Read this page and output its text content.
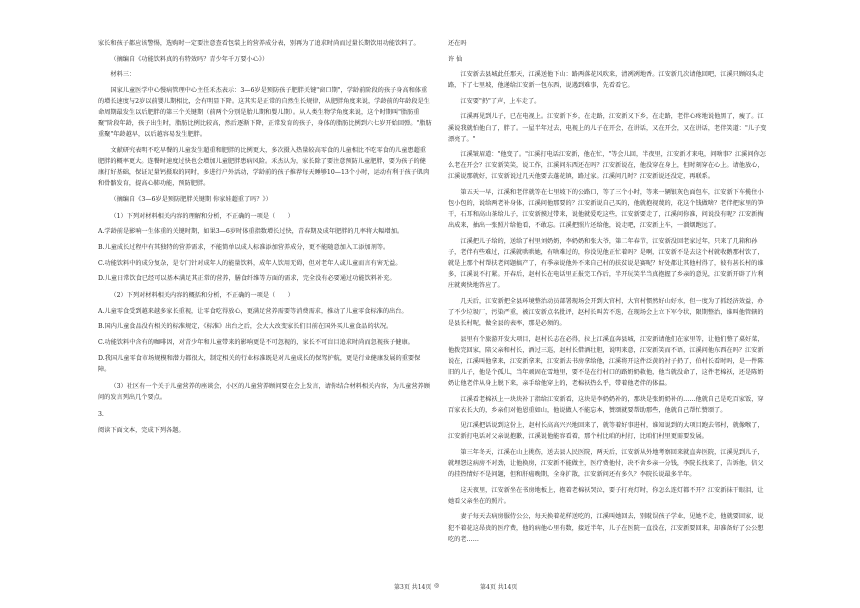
家长和孩子都应该警惕，选购时一定要注意查看包装上的营养成分表，别再为了追求时尚而过量长期饮用功能饮料了。

（摘编自《功能饮料真的有特效吗？青少年千万要小心》）

材料三：

国家儿童医学中心慢病管理中心主任禾杰表示：3—6岁是预防孩子肥胖关键"窗口期"，学龄前阶段的孩子身高和体重的增长速度与2岁以前婴儿期相比，会有明显下降。这其实是正常的自然生长规律，从肥胖角度来说，学龄前的年龄段是生命周期最发生以后肥胖的第三个关键期（前两个分别是胎儿期和婴儿期）。从人类生物学角度来说，这个时期叫"脂肪重聚"阶段年龄，孩子出生时，脂肪比例比较高，然后逐渐下降，正常发育的孩子，身体的脂肪比例到六七岁开始回弹。"脂肪重聚"年龄越早，以后越容易发生肥胖。

文献研究表明不吃早餐的儿童发生超重和肥胖的比例更大，多次摄入热量较高零食的儿童相比不吃零食的儿童患超重肥胖的概率更大。连餐时速度过快也会增加儿童肥胖患病风险。禾杰认为，家长除了要注意预防儿童肥胖，要为孩子的健康打好基础，保证足量钙摄取的同时，多进行户外活动，学龄前的孩子推荐每天睡够10—13个小时，运动有利于孩子肌肉和骨骼发育，提高心肺功能，预防肥胖。

（摘编自《3—6岁是预防肥胖关键期 你家娃超重了吗？》）

（1）下列对材料相关内容的理解和分析，不正确的一项是（　　）

A.学龄前是影响一生体重的关键时期，如果3—6岁时体重指数增长过快，青春期及成年肥胖的几率将大幅增加。

B.儿童成长过程中有其独特的营养需求，不能简单以成人标准添加营养成分，更不能随意加入工添加剂等。

C.功能饮料中的成分复杂，是专门针对成年人的能量饮料，成年人饮用无碍，但对老年人或儿童而言有害无益。

D.儿童日常饮食已经可以基本满足其正常的营养，膳食纤维等方面的需求，完全没有必要通过功能饮料补充。

（2）下列对材料相关内容的概括和分析，不正确的一项是（　　）

A.儿童零食受到越来越多家长重视，让零食吃得放心，更满足营养需要等消费需求，推动了儿童零食标准的出台。

B.国内儿童食品没有相关的标准规定，《标准》出台之后，会大大改变家长们目前在国外买儿童食品的状况。

C.功能饮料中含有的咖啡因，对青少年和儿童带来的影响更是不可忽视的，家长不可盲目追求时尚而忽视孩子健康。

D.我国儿童零食市场规模和潜力都很大，制定相关的行业标准既是对儿童成长的保驾护航，更是行业健康发展的重要保障。

（3）社区有一个关于儿童营养的座谈会，小区的儿童营养顾问要在会上发言，请你结合材料相关内容，为儿童营养顾问的发言列出几个要点。

3.

阅读下面文本，完成下列各题。

还在吗

许 仙

江安新去县城此任那天，江溪送他下山：路两落花风吹来，清冽冽地香。江安新几次请他回吧，江溪只顾闷头走路，下了七里坡，他递给江安新一包东西，说遇到难事，先看看它。

江安要"扔"了声，上车走了。

江溪再见到儿子，已在电视上。江安新下乡，在走路，江安新又下乡，在走路，老伴心疼地说他黑了，瘦了。江溪说我就怕他白了，胖了。一屋半年过去，电视上的儿子在开会，在讲话，又在开会，又在讲话，老伴笑道："儿子变漂亮了。"

江溪皱眉道："他变了。"江溪打电话江安新，他在忙，"等会儿回，半夜里，江安新才来电，问啥事？江溪问你怎么老在开会？江安新笑笑，说工作，江溪问东西还在吗？江安新说在，他没穿在身上，但时刻穿在心上。请他放心，江溪说那就好，江安新说过几天他要去蓬花镇，路过家。江溪问几时？江安新说还没定，再联系。

第五天一早，江溪和老伴就等在七里坡下的公路口，等了三个小时，等来一辆银灰色面包车，江安新下车揽住小包小包的，说给两老补身体，江溪问他那要的？江安新说自己买的，他就抱视蔑的，花这个钱做啥？老伴把家里的笋干，石耳和高山茶给儿子，江安新摸过带来，说他就爱吃这些，江安新要走了，江溪问你准，问说没有呢？江安新掏出成来，抽出一张照片给他看，不敢忘。江溪把照片还给他，说走吧，江安新上车，一溜烟跑远了。

江溪把儿子给的，送给了村里刘奶奶，李奶奶和张大爷，第二年春节，江安新没回老家过年，只来了几箱和孙子，老伴有些难过，江溪就哄哄她，有啥难过的，你没见他正忙着吗？是啊，江安新不是去这个村就收鹅那村饮了，就是上那个村帮扶老问题搞产了，有季亲说他外不来自己村的扶贫说是赛呢？好处都让其他村得了，彼有甚长村的谁多，江溪说不打紧。开春后，赵村长在电话里正报完工作后，半开玩笑半当真抱握了乡亲的意见，江安新开辟了片利庄就爽快地答应了。

几天后，江安新把全县环境整治动员部署现场会开到大官村，大官村惯然好山好水，但一度为了抓经济效益，办了不少垃圾厂，污染严重，被江安新点名批评，赵村长叫苦不迭，在现场会上立下军令状，限期整治，谁叫他管辖的是县长村呢，做全县的表率，那是必须的。

县里有个旅游开发大项目，赵村长志在必得，拉上江溪直奔县城，江安新请他们在家里等，让他们整了桌好菜，他拨完回家，陪父亲和村长，酒过三巡，赵村长借酒壮胆，说明来意，江安新笑而不语，江溪问他东西在吗？江安新说在，江溪叫他拿来，江安新拿来，江安新去书房拿给他，江溪将开这件泛黄的衬子扔了，伯村长看时吗，是一件陈旧的儿子，他是个孤儿，当年顽固在雪地里，要不是在行村口的路奶奶救他，他当就没命了，这件老棉袄，还是陈奶奶让他老伴从身上脱下来，亲手给他穿上的，老棉袄热么乎，带着他老伴的体温。

江溪看老棉袄上一块块补丁指给江安新看，这块是李奶奶补的，那块是张奶奶补的……他就自己是吃百家饭，穿百家衣长大的，乡亲们对他恩重如山，他说做人不能忘本，赞颂就要帮助那些，他就自己帮忙赞颂了。

见江溪把话说到这份上，赵村长高高兴兴地回来了，就等着好事进村，谁知说到的大项目跑去邻村，就像喉了，江安新打电话对父亲说抱歉，江溪说他能容看着，那个村比咱的村打，比咱们村里更需要发展。

第三年冬天，江溪在山上挑伤，送去县人民医院，两天后，江安新从外地考察回来就直奔医院，江溪见到儿子，就埋怨这病房不对劲，让他换房，江安新不能做主，医疗费他付，决不舍乡亲一分钱，李院长找来了，告诉他，信父的挂热情好不是问题，但和肝癌晚期，全身扩散，江安新问还有多久？李院长说最多半年。

这天夜里，江安新坐在书房地板上，抱着老棉袄哭泣，要子打亮灯时，你怎么连灯都不开？江安新抹干眼泪，让她看父亲坐在的照片。

妻子每天去病房服侍公公，每天换着花样送吃的，江溪叫她回去，别耽误孩子学业，见她不走，他就要回家，说犯不着花这昂贵的医疗费，他的病他心里有数，接近半年，儿子在医院一直没在，江安新要回来，却准备好了公公想吃的老……

第3页 共14页 ◎	第4页 共14页
